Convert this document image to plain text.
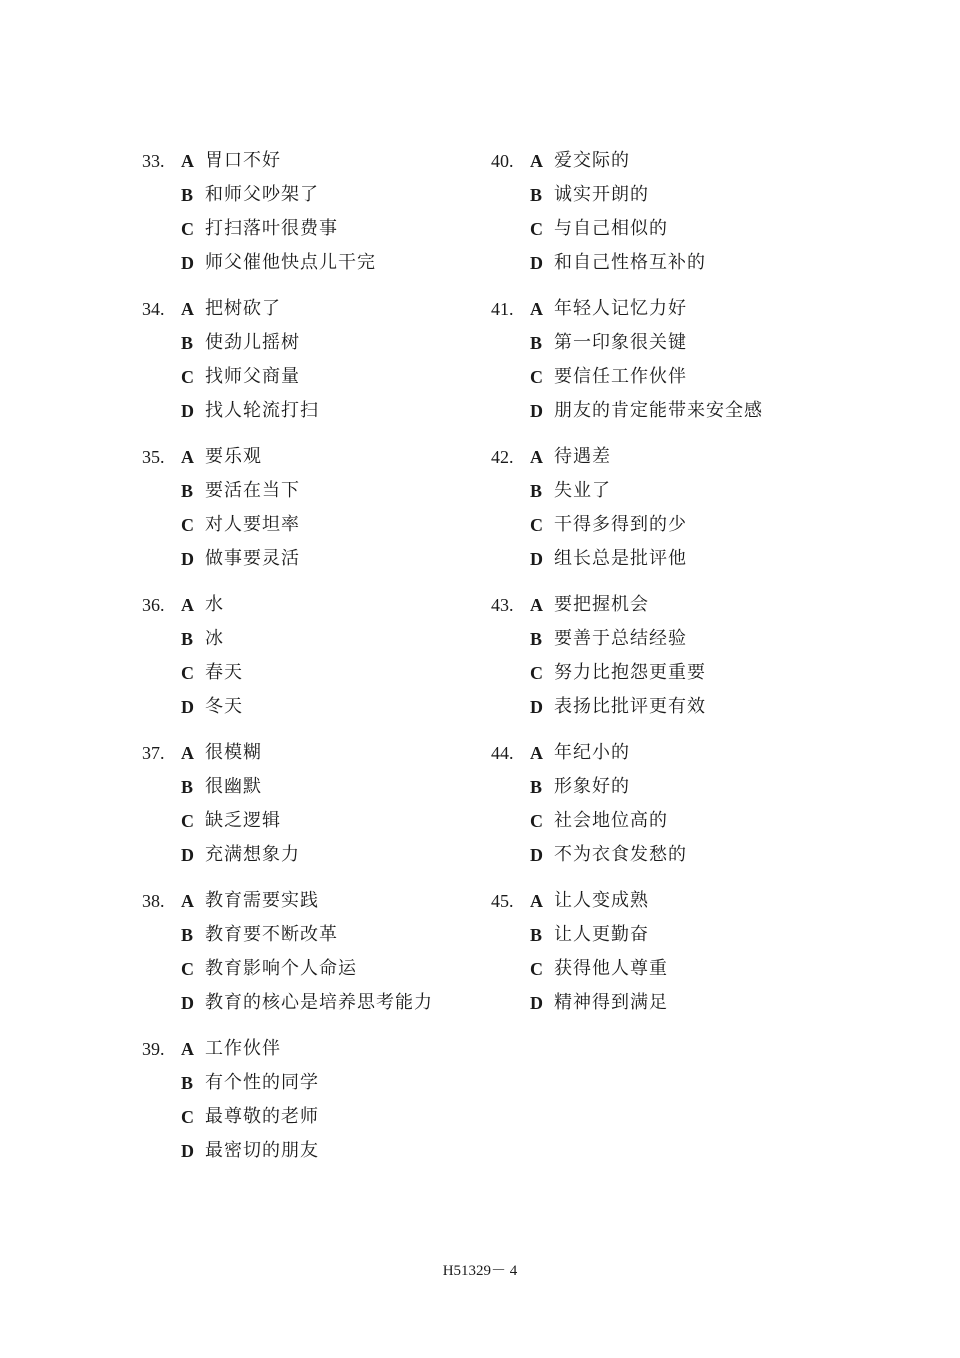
33. A 胃口不好
B 和师父吵架了
C 打扫落叶很费事
D 师父催他快点儿干完
34. A 把树砍了
B 使劲儿摇树
C 找师父商量
D 找人轮流打扫
35. A 要乐观
B 要活在当下
C 对人要坦率
D 做事要灵活
36. A 水
B 冰
C 春天
D 冬天
37. A 很模糊
B 很幽默
C 缺乏逻辑
D 充满想象力
38. A 教育需要实践
B 教育要不断改革
C 教育影响个人命运
D 教育的核心是培养思考能力
39. A 工作伙伴
B 有个性的同学
C 最尊敬的老师
D 最密切的朋友
40. A 爱交际的
B 诚实开朗的
C 与自己相似的
D 和自己性格互补的
41. A 年轻人记忆力好
B 第一印象很关键
C 要信任工作伙伴
D 朋友的肯定能带来安全感
42. A 待遇差
B 失业了
C 干得多得到的少
D 组长总是批评他
43. A 要把握机会
B 要善于总结经验
C 努力比抱怨更重要
D 表扬比批评更有效
44. A 年纪小的
B 形象好的
C 社会地位高的
D 不为衣食发愁的
45. A 让人变成熟
B 让人更勤奋
C 获得他人尊重
D 精神得到满足
H51329－ 4
